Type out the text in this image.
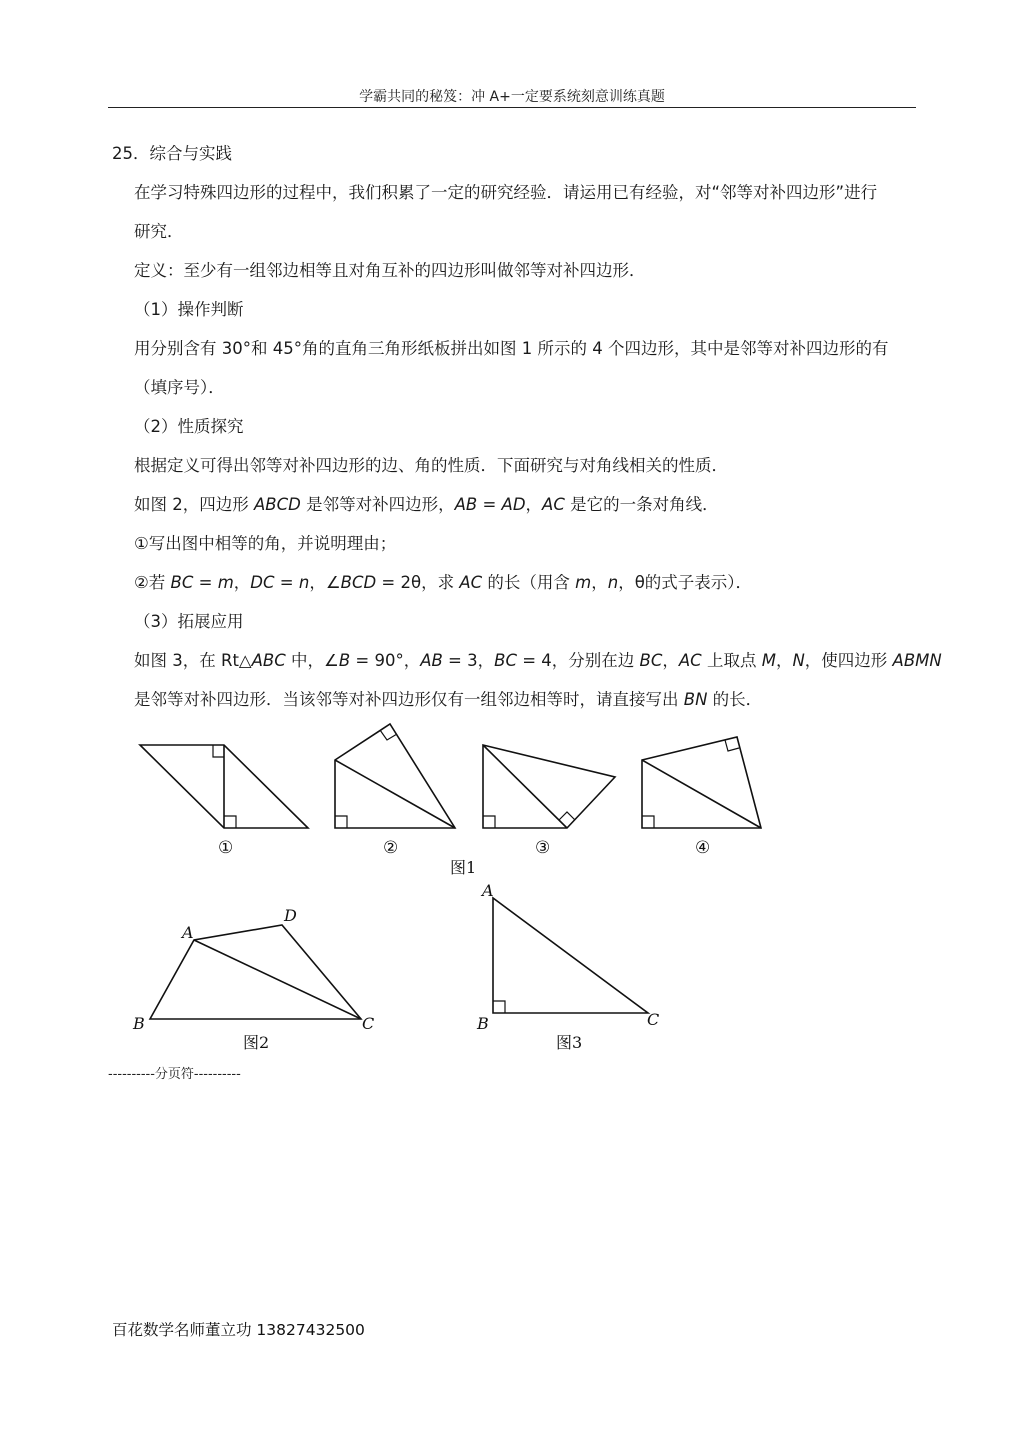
学霸共同的秘笈：冲 A+一定要系统刻意训练真题
25．综合与实践
在学习特殊四边形的过程中，我们积累了一定的研究经验．请运用已有经验，对“邻等对补四边形”进行
研究．
定义：至少有一组邻边相等且对角互补的四边形叫做邻等对补四边形．
（1）操作判断
用分别含有 30°和 45°角的直角三角形纸板拼出如图 1 所示的 4 个四边形，其中是邻等对补四边形的有
（填序号）．
（2）性质探究
根据定义可得出邻等对补四边形的边、角的性质．下面研究与对角线相关的性质．
如图 2，四边形 ABCD 是邻等对补四边形，AB = AD，AC 是它的一条对角线．
①写出图中相等的角，并说明理由；
②若 BC = m，DC = n，∠BCD = 2θ，求 AC 的长（用含 m，n，θ的式子表示）．
（3）拓展应用
如图 3，在 Rt△ABC 中，∠B = 90°，AB = 3，BC = 4，分别在边 BC，AC 上取点 M，N，使四边形 ABMN
是邻等对补四边形．当该邻等对补四边形仅有一组邻边相等时，请直接写出 BN 的长．
①	②	③	④
图1
A
D
B	C
图2
A
B	C
图3
----------分页符----------
百花数学名师董立功 13827432500
